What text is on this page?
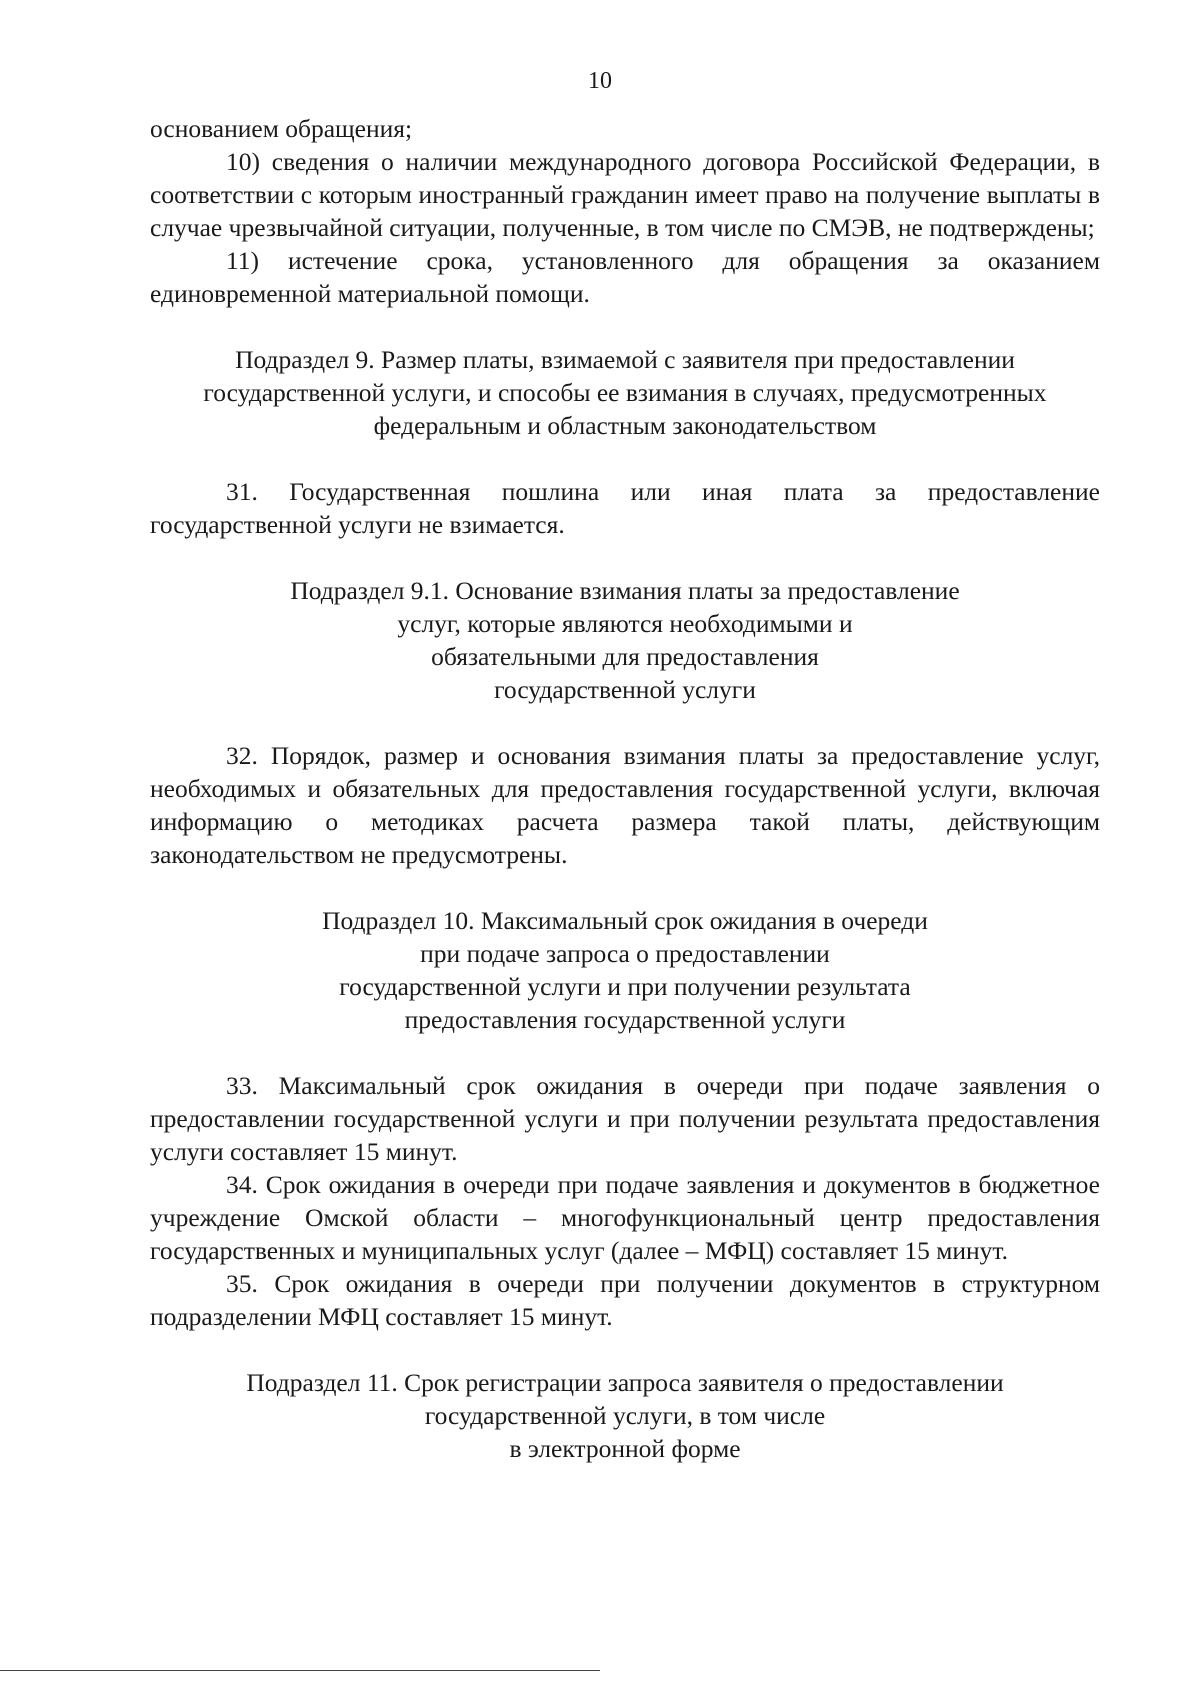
10

основанием обращения;

10) сведения о наличии международного договора Российской Федерации, в соответствии с которым иностранный гражданин имеет право на получение выплаты в случае чрезвычайной ситуации, полученные, в том числе по СМЭВ, не подтверждены;

11) истечение срока, установленного для обращения за оказанием единовременной материальной помощи.

Подраздел 9. Размер платы, взимаемой с заявителя при предоставлении
государственной услуги, и способы ее взимания в случаях, предусмотренных
федеральным и областным законодательством

31. Государственная пошлина или иная плата за предоставление государственной услуги не взимается.

Подраздел 9.1. Основание взимания платы за предоставление
услуг, которые являются необходимыми и
обязательными для предоставления
государственной услуги

32. Порядок, размер и основания взимания платы за предоставление услуг, необходимых и обязательных для предоставления государственной услуги, включая информацию о методиках расчета размера такой платы, действующим законодательством не предусмотрены.

Подраздел 10. Максимальный срок ожидания в очереди
при подаче запроса о предоставлении
государственной услуги и при получении результата
предоставления государственной услуги

33. Максимальный срок ожидания в очереди при подаче заявления о предоставлении государственной услуги и при получении результата предоставления услуги составляет 15 минут.

34. Срок ожидания в очереди при подаче заявления и документов в бюджетное учреждение Омской области – многофункциональный центр предоставления государственных и муниципальных услуг (далее – МФЦ) составляет 15 минут.

35. Срок ожидания в очереди при получении документов в структурном подразделении МФЦ составляет 15 минут.

Подраздел 11. Срок регистрации запроса заявителя о предоставлении
государственной услуги, в том числе
в электронной форме
